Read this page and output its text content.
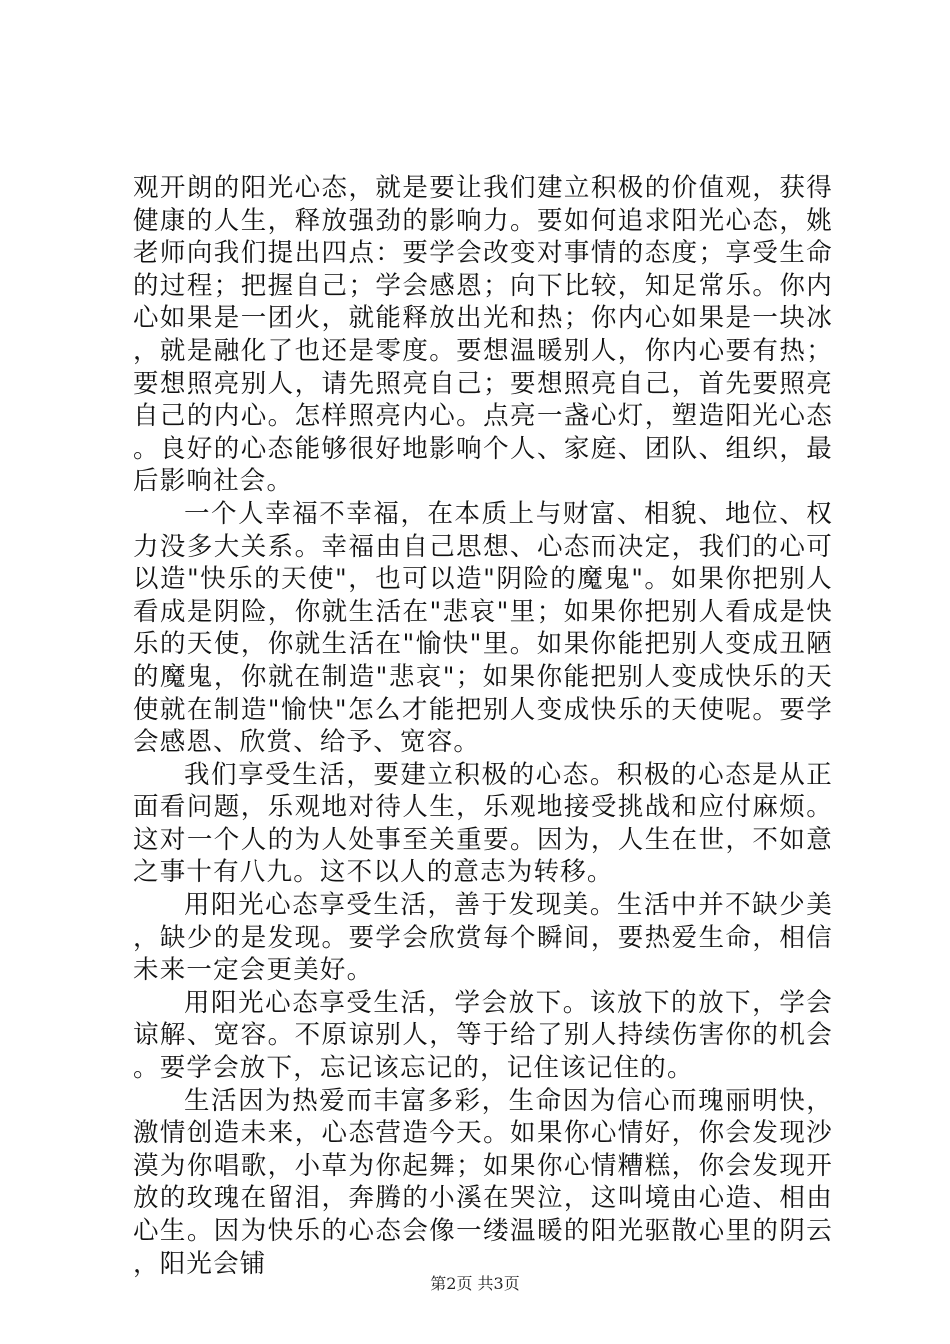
观开朗的阳光心态，就是要让我们建立积极的价值观，获得健康的人生，释放强劲的影响力。要如何追求阳光心态，姚老师向我们提出四点：要学会改变对事情的态度；享受生命的过程；把握自己；学会感恩；向下比较，知足常乐。你内心如果是一团火，就能释放出光和热；你内心如果是一块冰，就是融化了也还是零度。要想温暖别人，你内心要有热；要想照亮别人，请先照亮自己；要想照亮自己，首先要照亮自己的内心。怎样照亮内心。点亮一盏心灯，塑造阳光心态。良好的心态能够很好地影响个人、家庭、团队、组织，最后影响社会。

一个人幸福不幸福，在本质上与财富、相貌、地位、权力没多大关系。幸福由自己思想、心态而决定，我们的心可以造"快乐的天使"，也可以造"阴险的魔鬼"。如果你把别人看成是阴险，你就生活在"悲哀"里；如果你把别人看成是快乐的天使，你就生活在"愉快"里。如果你能把别人变成丑陋的魔鬼，你就在制造"悲哀"；如果你能把别人变成快乐的天使就在制造"愉快"怎么才能把别人变成快乐的天使呢。要学会感恩、欣赏、给予、宽容。

我们享受生活，要建立积极的心态。积极的心态是从正面看问题，乐观地对待人生，乐观地接受挑战和应付麻烦。这对一个人的为人处事至关重要。因为，人生在世，不如意之事十有八九。这不以人的意志为转移。

用阳光心态享受生活，善于发现美。生活中并不缺少美，缺少的是发现。要学会欣赏每个瞬间，要热爱生命，相信未来一定会更美好。

用阳光心态享受生活，学会放下。该放下的放下，学会谅解、宽容。不原谅别人，等于给了别人持续伤害你的机会。要学会放下，忘记该忘记的，记住该记住的。

生活因为热爱而丰富多彩，生命因为信心而瑰丽明快，激情创造未来，心态营造今天。如果你心情好，你会发现沙漠为你唱歌，小草为你起舞；如果你心情糟糕，你会发现开放的玫瑰在留泪，奔腾的小溪在哭泣，这叫境由心造、相由心生。因为快乐的心态会像一缕温暖的阳光驱散心里的阴云，阳光会铺

第2页 共3页
